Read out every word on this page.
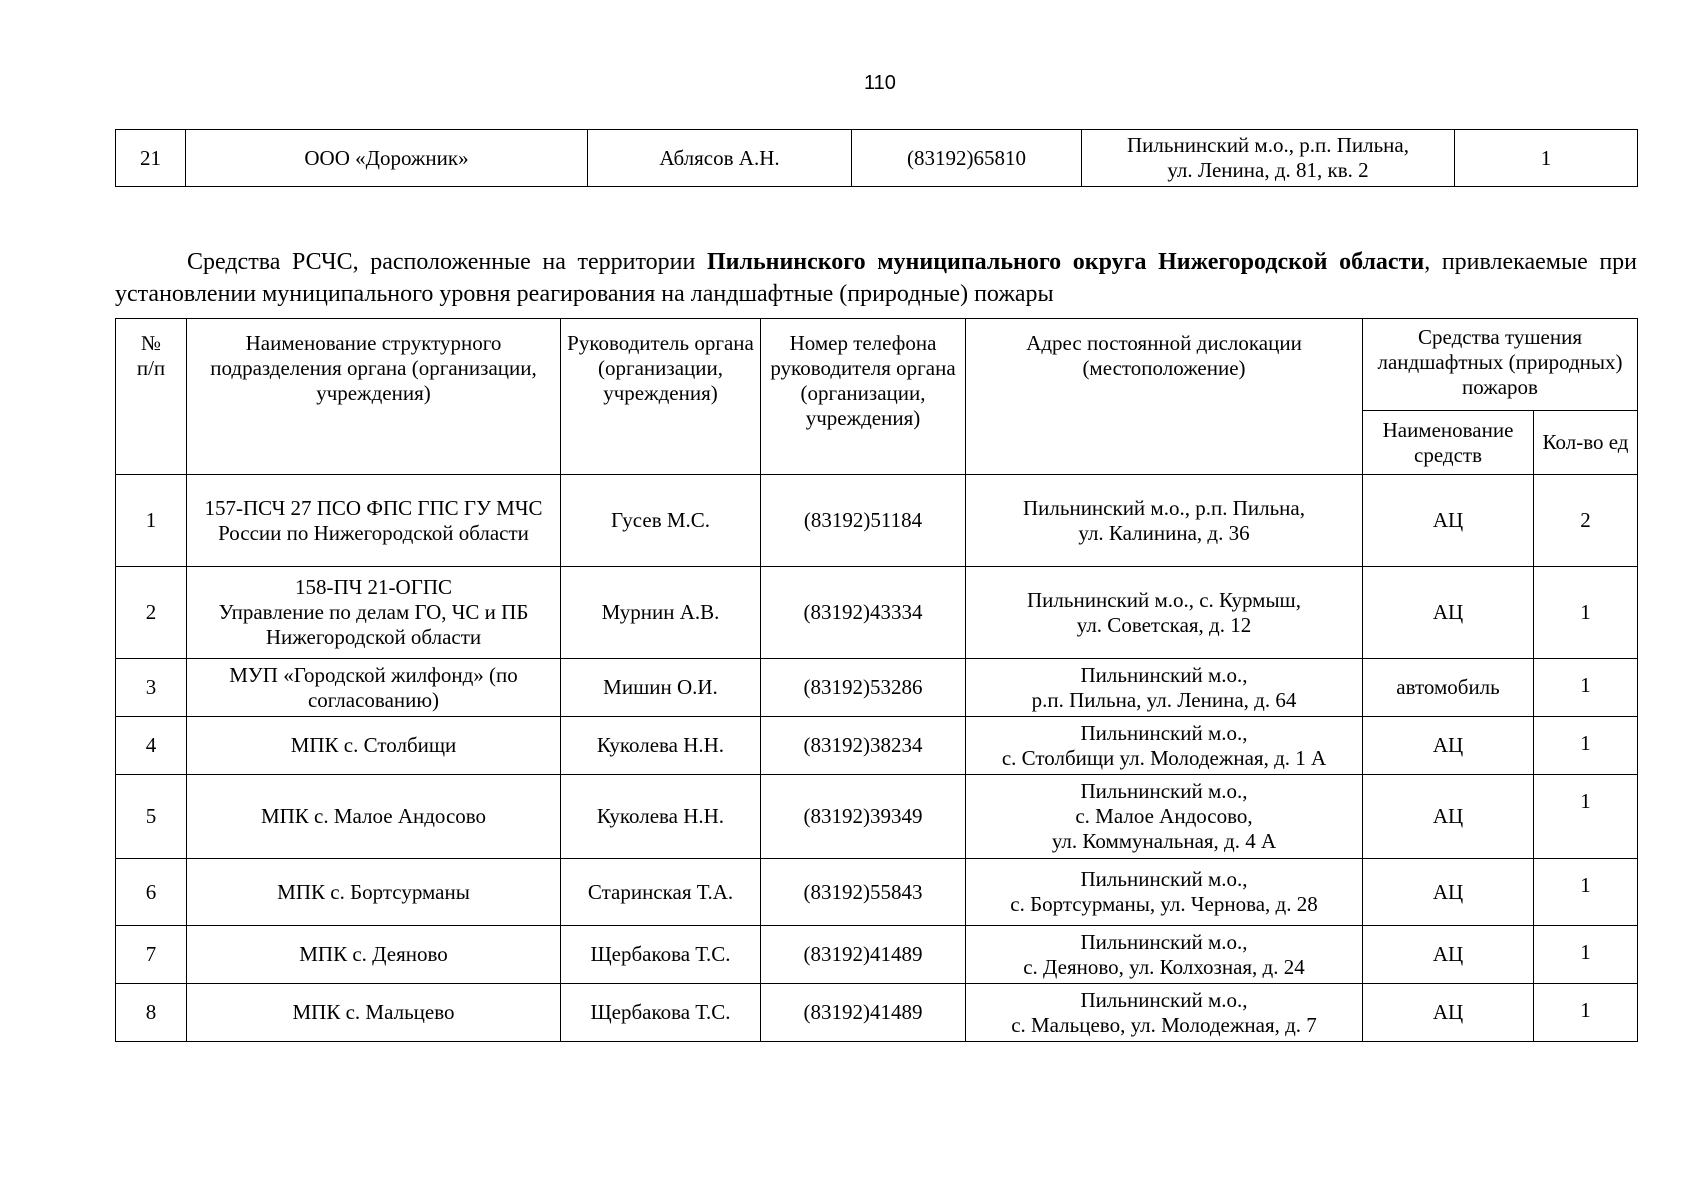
110
21	ООО «Дорожник»	Аблясов А.Н.	(83192)65810	Пильнинский м.о., р.п. Пильна,
ул. Ленина, д. 81, кв. 2	1

Средства РСЧС, расположенные на территории Пильнинского муниципального округа Нижегородской области, привлекаемые при установлении муниципального уровня реагирования на ландшафтные (природные) пожары

№
п/п	Наименование структурного подразделения органа (организации, учреждения)	Руководитель органа (организации, учреждения)	Номер телефона руководителя органа (организации, учреждения)	Адрес постоянной дислокации (местоположение)	Средства тушения ландшафтных (природных) пожаров	
					Наименование средств	Кол-во ед
1	157-ПСЧ 27 ПСО ФПС ГПС ГУ МЧС России по Нижегородской области	Гусев М.С.	(83192)51184	Пильнинский м.о., р.п. Пильна,
ул. Калинина, д. 36	АЦ	2
2	158-ПЧ 21-ОГПС
Управление по делам ГО, ЧС и ПБ Нижегородской области	Мурнин А.В.	(83192)43334	Пильнинский м.о., с. Курмыш,
ул. Советская, д. 12	АЦ	1
3	МУП «Городской жилфонд» (по согласованию)	Мишин О.И.	(83192)53286	Пильнинский м.о.,
р.п. Пильна, ул. Ленина, д. 64	автомобиль	1
4	МПК с. Столбищи	Куколева Н.Н.	(83192)38234	Пильнинский м.о.,
с. Столбищи ул. Молодежная, д. 1 А	АЦ	1
5	МПК с. Малое Андосово	Куколева Н.Н.	(83192)39349	Пильнинский м.о.,
с. Малое Андосово,
ул. Коммунальная, д. 4 А	АЦ	1
6	МПК с. Бортсурманы	Старинская Т.А.	(83192)55843	Пильнинский м.о.,
с. Бортсурманы, ул. Чернова, д. 28	АЦ	1
7	МПК с. Деяново	Щербакова Т.С.	(83192)41489	Пильнинский м.о.,
с. Деяново, ул. Колхозная, д. 24	АЦ	1
8	МПК с. Мальцево	Щербакова Т.С.	(83192)41489	Пильнинский м.о.,
с. Мальцево, ул. Молодежная, д. 7	АЦ	1
